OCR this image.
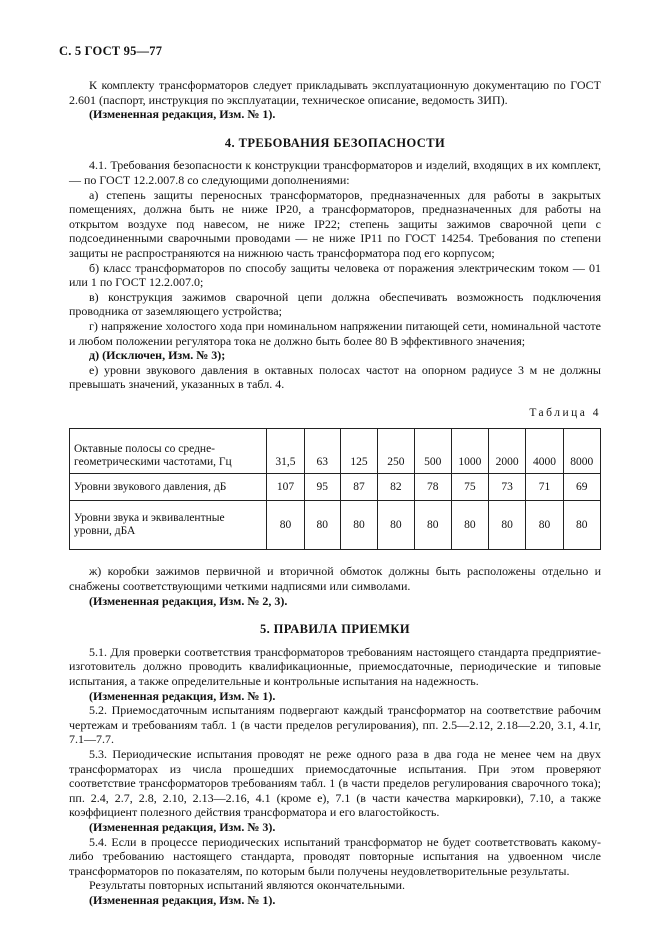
С. 5 ГОСТ 95—77

К комплекту трансформаторов следует прикладывать эксплуатационную документацию по ГОСТ 2.601 (паспорт, инструкция по эксплуатации, техническое описание, ведомость ЗИП).

(Измененная редакция, Изм. № 1).

4. ТРЕБОВАНИЯ БЕЗОПАСНОСТИ

4.1. Требования безопасности к конструкции трансформаторов и изделий, входящих в их комплект, — по ГОСТ 12.2.007.8 со следующими дополнениями:

а) степень защиты переносных трансформаторов, предназначенных для работы в закрытых помещениях, должна быть не ниже IP20, а трансформаторов, предназначенных для работы на открытом воздухе под навесом, не ниже IP22; степень защиты зажимов сварочной цепи с подсоединенными сварочными проводами — не ниже IP11 по ГОСТ 14254. Требования по степени защиты не распространяются на нижнюю часть трансформатора под его корпусом;

б) класс трансформаторов по способу защиты человека от поражения электрическим током — 01 или 1 по ГОСТ 12.2.007.0;

в) конструкция зажимов сварочной цепи должна обеспечивать возможность подключения проводника от заземляющего устройства;

г) напряжение холостого хода при номинальном напряжении питающей сети, номинальной частоте и любом положении регулятора тока не должно быть более 80 В эффективного значения;

д) (Исключен, Изм. № 3);

е) уровни звукового давления в октавных полосах частот на опорном радиусе 3 м не должны превышать значений, указанных в табл. 4.

Таблица 4
Октавные полосы со средне-геометрическими частотами, Гц	31,5	63	125	250	500	1000	2000	4000	8000
Уровни звукового давления, дБ	107	95	87	82	78	75	73	71	69
Уровни звука и эквивалентные уровни, дБА	80	80	80	80	80	80	80	80	80

ж) коробки зажимов первичной и вторичной обмоток должны быть расположены отдельно и снабжены соответствующими четкими надписями или символами.

(Измененная редакция, Изм. № 2, 3).

5. ПРАВИЛА ПРИЕМКИ

5.1. Для проверки соответствия трансформаторов требованиям настоящего стандарта предприятие-изготовитель должно проводить квалификационные, приемосдаточные, периодические и типовые испытания, а также определительные и контрольные испытания на надежность.

(Измененная редакция, Изм. № 1).

5.2. Приемосдаточным испытаниям подвергают каждый трансформатор на соответствие рабочим чертежам и требованиям табл. 1 (в части пределов регулирования), пп. 2.5—2.12, 2.18—2.20, 3.1, 4.1г, 7.1—7.7.

5.3. Периодические испытания проводят не реже одного раза в два года не менее чем на двух трансформаторах из числа прошедших приемосдаточные испытания. При этом проверяют соответствие трансформаторов требованиям табл. 1 (в части пределов регулирования сварочного тока); пп. 2.4, 2.7, 2.8, 2.10, 2.13—2.16, 4.1 (кроме е), 7.1 (в части качества маркировки), 7.10, а также коэффициент полезного действия трансформатора и его влагостойкость.

(Измененная редакция, Изм. № 3).

5.4. Если в процессе периодических испытаний трансформатор не будет соответствовать какому-либо требованию настоящего стандарта, проводят повторные испытания на удвоенном числе трансформаторов по показателям, по которым были получены неудовлетворительные результаты.

Результаты повторных испытаний являются окончательными.

(Измененная редакция, Изм. № 1).
